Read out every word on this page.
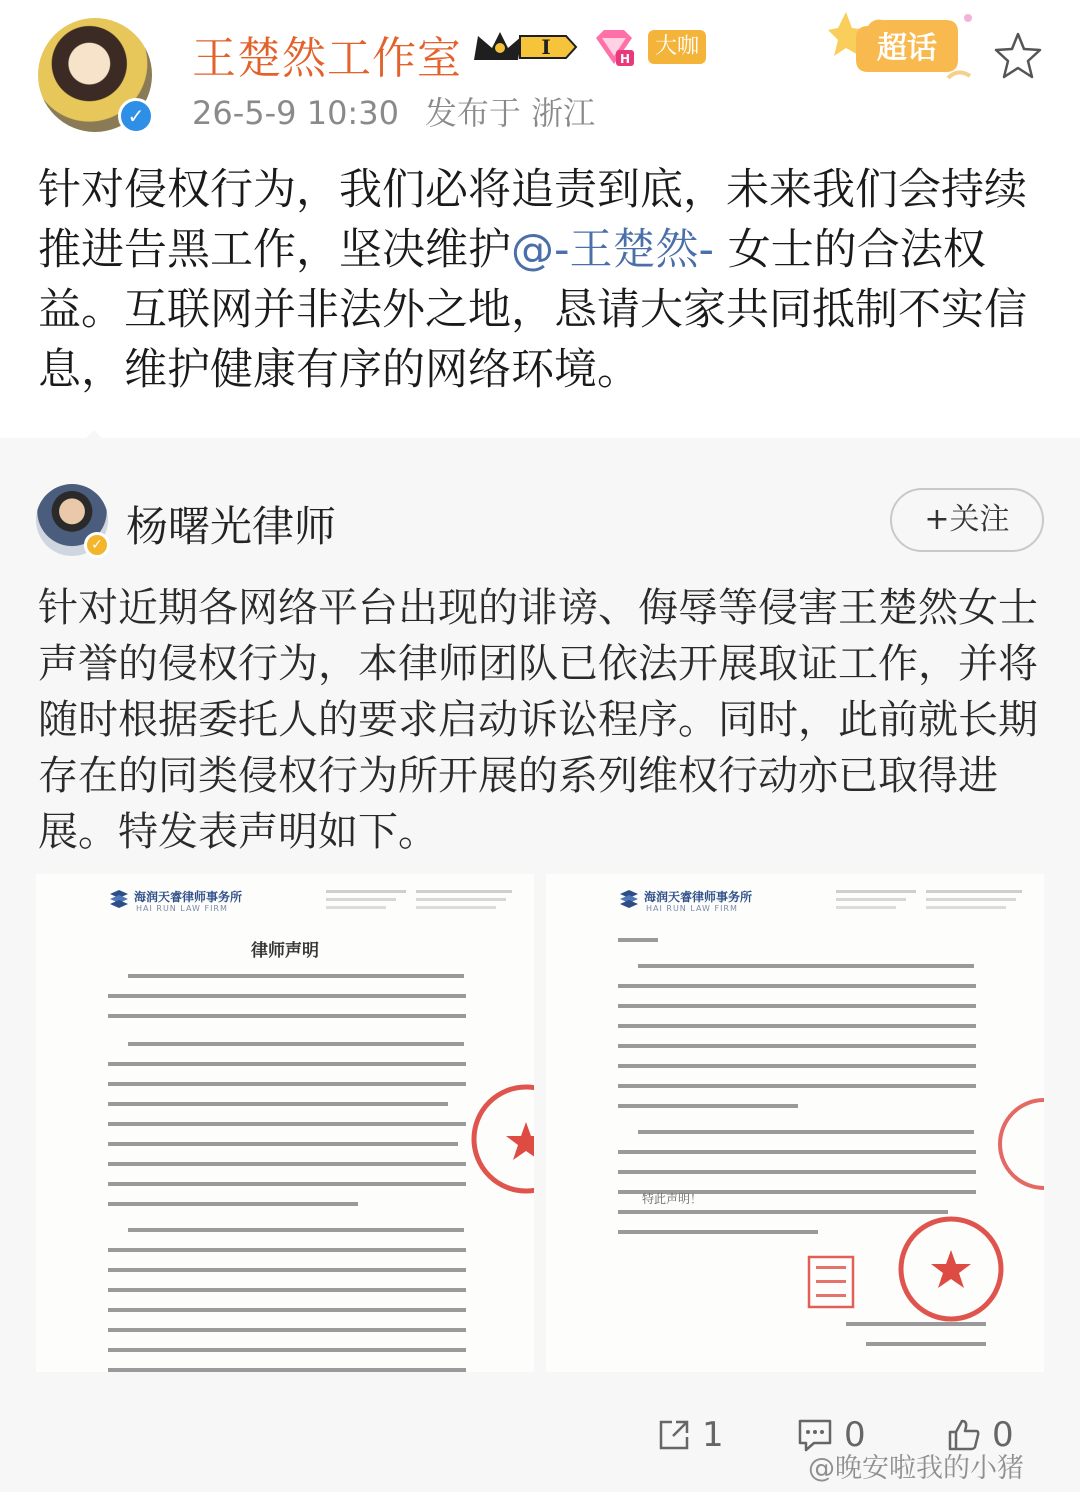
✓
王楚然工作室	I	H	大咖	超话
26-5-9 10:30 发布于 浙江
针对侵权行为，我们必将追责到底，未来我们会持续推进告黑工作，坚决维护@-王楚然- 女士的合法权益。互联网并非法外之地，恳请大家共同抵制不实信息，维护健康有序的网络环境。
✓ 杨曙光律师	+关注
针对近期各网络平台出现的诽谤、侮辱等侵害王楚然女士声誉的侵权行为，本律师团队已依法开展取证工作，并将随时根据委托人的要求启动诉讼程序。同时，此前就长期存在的同类侵权行为所开展的系列维权行动亦已取得进展。特发表声明如下。
海润天睿律师事务所
HAI RUN LAW FIRM
律师声明
海润天睿律师事务所
HAI RUN LAW FIRM
特此声明！
1	0	0
@晚安啦我的小猪
